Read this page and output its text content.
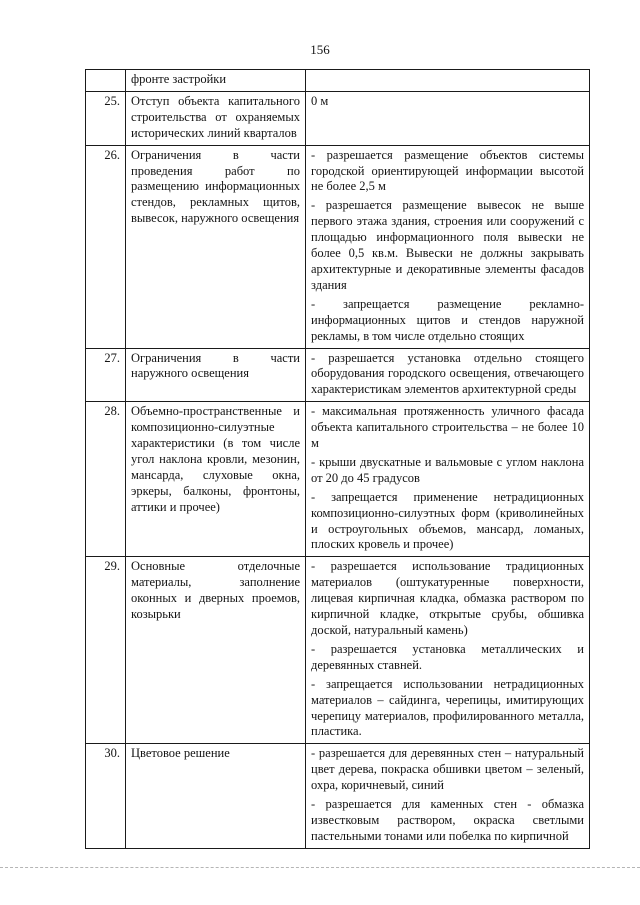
156
	фронте застройки	
25.	Отступ объекта капитального строительства от охраняемых исторических линий кварталов	0 м

26.	Ограничения в части проведения работ по размещению информационных стендов, рекламных щитов, вывесок, наружного освещения	- разрешается размещение объектов системы городской ориентирующей информации высотой не более 2,5 м
- разрешается размещение вывесок не выше первого этажа здания, строения или сооружений с площадью информационного поля вывески не более 0,5 кв.м. Вывески не должны закрывать архитектурные и декоративные элементы фасадов здания
- запрещается размещение рекламно-информационных щитов и стендов наружной рекламы, в том числе отдельно стоящих

27.	Ограничения в части наружного освещения	- разрешается установка отдельно стоящего оборудования городского освещения, отвечающего характеристикам элементов архитектурной среды

28.	Объемно-пространственные и композиционно-силуэтные характеристики (в том числе угол наклона кровли, мезонин, мансарда, слуховые окна, эркеры, балконы, фронтоны, аттики и прочее)	- максимальная протяженность уличного фасада объекта капитального строительства – не более 10 м
- крыши двускатные и вальмовые с углом наклона от 20 до 45 градусов
- запрещается применение нетрадиционных композиционно-силуэтных форм (криволинейных и остроугольных объемов, мансард, ломаных, плоских кровель и прочее)

29.	Основные отделочные материалы, заполнение оконных и дверных проемов, козырьки	- разрешается использование традиционных материалов (оштукатуренные поверхности, лицевая кирпичная кладка, обмазка раствором по кирпичной кладке, открытые срубы, обшивка доской, натуральный камень)
- разрешается установка металлических и деревянных ставней.
- запрещается использовании нетрадиционных материалов – сайдинга, черепицы, имитирующих черепицу материалов, профилированного металла, пластика.

30.	Цветовое решение	- разрешается для деревянных стен – натуральный цвет дерева, покраска обшивки цветом – зеленый, охра, коричневый, синий
- разрешается для каменных стен - обмазка известковым раствором, окраска светлыми пастельными тонами или побелка по кирпичной
